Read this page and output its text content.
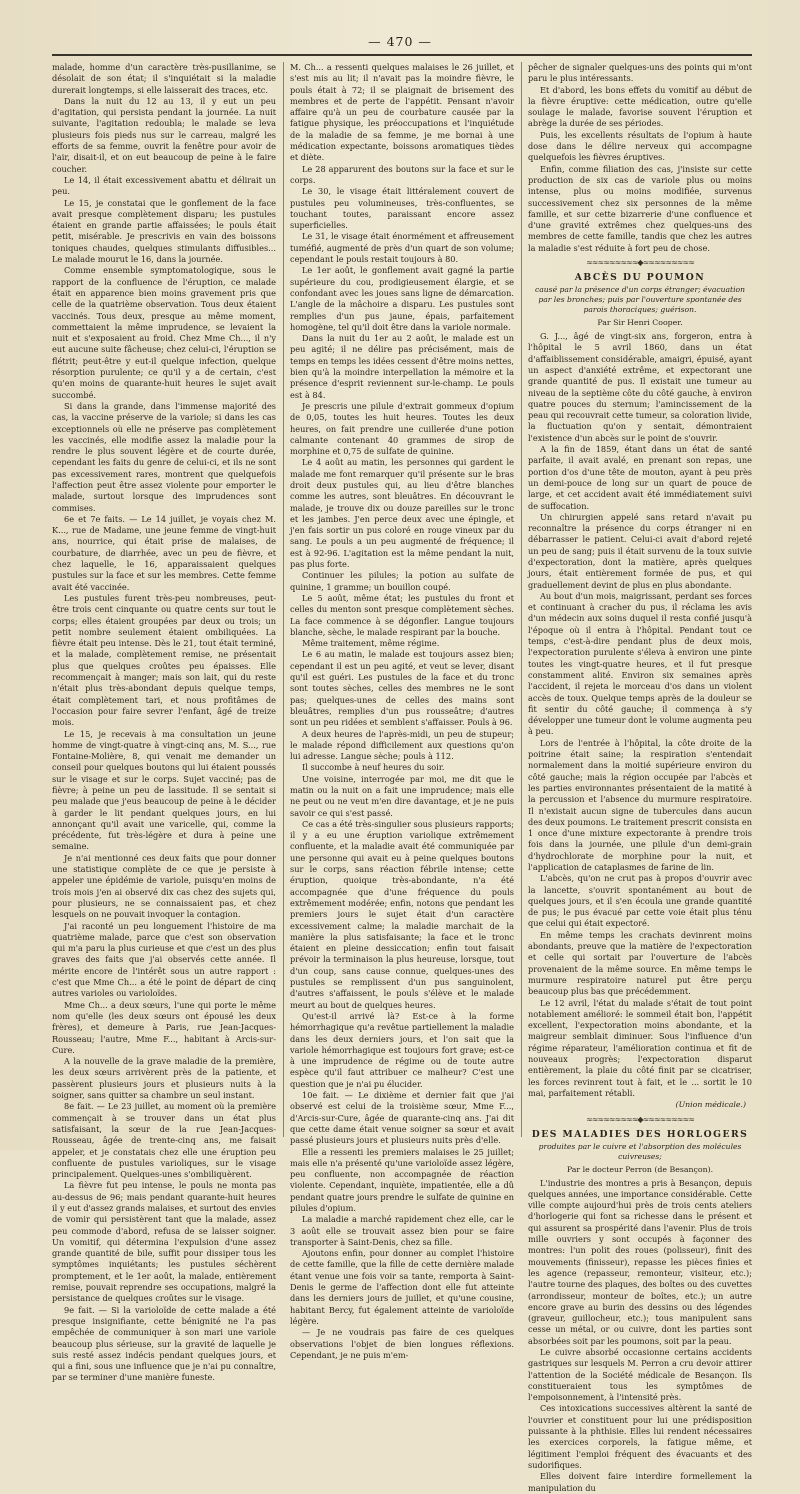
— 470 —

malade, homme d'un caractère très-pusillanime, se désolait de son état; il s'inquiétait si la maladie durerait longtemps, si elle laisserait des traces, etc.

Dans la nuit du 12 au 13, il y eut un peu d'agitation, qui persista pendant la journée. La nuit suivante, l'agitation redoubla; le malade se leva plusieurs fois pieds nus sur le carreau, malgré les efforts de sa femme, ouvrit la fenêtre pour avoir de l'air, disait-il, et on eut beaucoup de peine à le faire coucher.

Le 14, il était excessivement abattu et délirait un peu.

Le 15, je constatai que le gonflement de la face avait presque complètement disparu; les pustules étaient en grande partie affaissées; le pouls était petit, misérable. Je prescrivis en vain des boissons toniques chaudes, quelques stimulants diffusibles... Le malade mourut le 16, dans la journée.

Comme ensemble symptomatologique, sous le rapport de la confluence de l'éruption, ce malade était en apparence bien moins gravement pris que celle de la quatrième observation. Tous deux étaient vaccinés. Tous deux, presque au même moment, commettaient la même imprudence, se levaient la nuit et s'exposaient au froid. Chez Mme Ch..., il n'y eut aucune suite fâcheuse; chez celui-ci, l'éruption se flétrit; peut-être y eut-il quelque infection, quelque résorption purulente; ce qu'il y a de certain, c'est qu'en moins de quarante-huit heures le sujet avait succombé.

Si dans la grande, dans l'immense majorité des cas, la vaccine préserve de la variole; si dans les cas exceptionnels où elle ne préserve pas complètement les vaccinés, elle modifie assez la maladie pour la rendre le plus souvent légère et de courte durée, cependant les faits du genre de celui-ci, et ils ne sont pas excessivement rares, montrent que quelquefois l'affection peut être assez violente pour emporter le malade, surtout lorsque des imprudences sont commises.

6e et 7e faits. — Le 14 juillet, je voyais chez M. K..., rue de Madame, une jeune femme de vingt-huit ans, nourrice, qui était prise de malaises, de courbature, de diarrhée, avec un peu de fièvre, et chez laquelle, le 16, apparaissaient quelques pustules sur la face et sur les membres. Cette femme avait été vaccinée.

Les pustules furent très-peu nombreuses, peut-être trois cent cinquante ou quatre cents sur tout le corps; elles étaient groupées par deux ou trois; un petit nombre seulement étaient ombiliquées. La fièvre était peu intense. Dès le 21, tout était terminé, et la malade, complètement remise, ne présentait plus que quelques croûtes peu épaisses. Elle recommençait à manger; mais son lait, qui du reste n'était plus très-abondant depuis quelque temps, était complètement tari, et nous profitâmes de l'occasion pour faire sevrer l'enfant, âgé de treize mois.

Le 15, je recevais à ma consultation un jeune homme de vingt-quatre à vingt-cinq ans, M. S..., rue Fontaine-Molière, 8, qui venait me demander un conseil pour quelques boutons qui lui étaient poussés sur le visage et sur le corps. Sujet vacciné; pas de fièvre; à peine un peu de lassitude. Il se sentait si peu malade que j'eus beaucoup de peine à le décider à garder le lit pendant quelques jours, en lui annonçant qu'il avait une varicelle, qui, comme la précédente, fut très-légère et dura à peine une semaine.

Je n'ai mentionné ces deux faits que pour donner une statistique complète de ce que je persiste à appeler une épidémie de variole, puisqu'en moins de trois mois j'en ai observé dix cas chez des sujets qui, pour plusieurs, ne se connaissaient pas, et chez lesquels on ne pouvait invoquer la contagion.

J'ai raconté un peu longuement l'histoire de ma quatrième malade, parce que c'est son observation qui m'a paru la plus curieuse et que c'est un des plus graves des faits que j'ai observés cette année. Il mérite encore de l'intérêt sous un autre rapport : c'est que Mme Ch... a été le point de départ de cinq autres varioles ou varioloïdes.

Mme Ch... a deux sœurs, l'une qui porte le même nom qu'elle (les deux sœurs ont épousé les deux frères), et demeure à Paris, rue Jean-Jacques-Rousseau; l'autre, Mme F..., habitant à Arcis-sur-Cure.

A la nouvelle de la grave maladie de la première, les deux sœurs arrivèrent près de la patiente, et passèrent plusieurs jours et plusieurs nuits à la soigner, sans quitter sa chambre un seul instant.

8e fait. — Le 23 juillet, au moment où la première commençait à se trouver dans un état plus satisfaisant, la sœur de la rue Jean-Jacques-Rousseau, âgée de trente-cinq ans, me faisait appeler, et je constatais chez elle une éruption peu confluente de pustules varioliques, sur le visage principalement. Quelques-unes s'ombiliquèrent.

La fièvre fut peu intense, le pouls ne monta pas au-dessus de 96; mais pendant quarante-huit heures il y eut d'assez grands malaises, et surtout des envies de vomir qui persistèrent tant que la malade, assez peu commode d'abord, refusa de se laisser soigner. Un vomitif, qui détermina l'expulsion d'une assez grande quantité de bile, suffit pour dissiper tous les symptômes inquiétants; les pustules séchèrent promptement, et le 1er août, la malade, entièrement remise, pouvait reprendre ses occupations, malgré la persistance de quelques croûtes sur le visage.

9e fait. — Si la varioloïde de cette malade a été presque insignifiante, cette bénignité ne l'a pas empêchée de communiquer à son mari une variole beaucoup plus sérieuse, sur la gravité de laquelle je suis resté assez indécis pendant quelques jours, et qui a fini, sous une influence que je n'ai pu connaître, par se terminer d'une manière funeste.

M. Ch... a ressenti quelques malaises le 26 juillet, et s'est mis au lit; il n'avait pas la moindre fièvre, le pouls était à 72; il se plaignait de brisement des membres et de perte de l'appétit. Pensant n'avoir affaire qu'à un peu de courbature causée par la fatigue physique, les préoccupations et l'inquiétude de la maladie de sa femme, je me bornai à une médication expectante, boissons aromatiques tièdes et diète.

Le 28 apparurent des boutons sur la face et sur le corps.

Le 30, le visage était littéralement couvert de pustules peu volumineuses, très-confluentes, se touchant toutes, paraissant encore assez superficielles.

Le 31, le visage était énormément et affreusement tuméfié, augmenté de près d'un quart de son volume; cependant le pouls restait toujours à 80.

Le 1er août, le gonflement avait gagné la partie supérieure du cou, prodigieusement élargie, et se confondant avec les joues sans ligne de démarcation. L'angle de la mâchoire a disparu. Les pustules sont remplies d'un pus jaune, épais, parfaitement homogène, tel qu'il doit être dans la variole normale.

Dans la nuit du 1er au 2 août, le malade est un peu agité; il ne délire pas précisément, mais de temps en temps les idées cessent d'être moins nettes, bien qu'à la moindre interpellation la mémoire et la présence d'esprit reviennent sur-le-champ. Le pouls est à 84.

Je prescris une pilule d'extrait gommeux d'opium de 0,05, toutes les huit heures. Toutes les deux heures, on fait prendre une cuillerée d'une potion calmante contenant 40 grammes de sirop de morphine et 0,75 de sulfate de quinine.

Le 4 août au matin, les personnes qui gardent le malade me font remarquer qu'il présente sur le bras droit deux pustules qui, au lieu d'être blanches comme les autres, sont bleuâtres. En découvrant le malade, je trouve dix ou douze pareilles sur le tronc et les jambes. J'en perce deux avec une épingle, et j'en fais sortir un pus coloré en rouge vineux par du sang. Le pouls a un peu augmenté de fréquence; il est à 92-96. L'agitation est la même pendant la nuit, pas plus forte.

Continuer les pilules; la potion au sulfate de quinine, 1 gramme; un bouillon coupé.

Le 5 août, même état; les pustules du front et celles du menton sont presque complètement sèches. La face commence à se dégonfler. Langue toujours blanche, sèche, le malade respirant par la bouche.

Même traitement, même régime.

Le 6 au matin, le malade est toujours assez bien; cependant il est un peu agité, et veut se lever, disant qu'il est guéri. Les pustules de la face et du tronc sont toutes sèches, celles des membres ne le sont pas; quelques-unes de celles des mains sont bleuâtres, remplies d'un pus rousseâtre; d'autres sont un peu ridées et semblent s'affaisser. Pouls à 96.

A deux heures de l'après-midi, un peu de stupeur; le malade répond difficilement aux questions qu'on lui adresse. Langue sèche; pouls à 112.

Il succombe à neuf heures du soir.

Une voisine, interrogée par moi, me dit que le matin ou la nuit on a fait une imprudence; mais elle ne peut ou ne veut m'en dire davantage, et je ne puis savoir ce qui s'est passé.

Ce cas a été très-singulier sous plusieurs rapports; il y a eu une éruption variolique extrêmement confluente, et la maladie avait été communiquée par une personne qui avait eu à peine quelques boutons sur le corps, sans réaction fébrile intense; cette éruption, quoique très-abondante, n'a été accompagnée que d'une fréquence du pouls extrêmement modérée; enfin, notons que pendant les premiers jours le sujet était d'un caractère excessivement calme; la maladie marchait de la manière la plus satisfaisante; la face et le tronc étaient en pleine dessiccation; enfin tout faisait prévoir la terminaison la plus heureuse, lorsque, tout d'un coup, sans cause connue, quelques-unes des pustules se remplissent d'un pus sanguinolent, d'autres s'affaissent, le pouls s'élève et le malade meurt au bout de quelques heures.

Qu'est-il arrivé là? Est-ce à la forme hémorrhagique qu'a revêtue partiellement la maladie dans les deux derniers jours, et l'on sait que la variole hémorrhagique est toujours fort grave; est-ce à une imprudence de régime ou de toute autre espèce qu'il faut attribuer ce malheur? C'est une question que je n'ai pu élucider.

10e fait. — Le dixième et dernier fait que j'ai observé est celui de la troisième sœur, Mme F..., d'Arcis-sur-Cure, âgée de quarante-cinq ans. J'ai dit que cette dame était venue soigner sa sœur et avait passé plusieurs jours et plusieurs nuits près d'elle.

Elle a ressenti les premiers malaises le 25 juillet; mais elle n'a présenté qu'une varioloïde assez légère, peu confluente, non accompagnée de réaction violente. Cependant, inquiète, impatientée, elle a dû pendant quatre jours prendre le sulfate de quinine en pilules d'opium.

La maladie a marché rapidement chez elle, car le 3 août elle se trouvait assez bien pour se faire transporter à Saint-Denis, chez sa fille.

Ajoutons enfin, pour donner au complet l'histoire de cette famille, que la fille de cette dernière malade étant venue une fois voir sa tante, remporta à Saint-Denis le germe de l'affection dont elle fut atteinte dans les derniers jours de juillet, et qu'une cousine, habitant Bercy, fut également atteinte de varioloïde légère.

— Je ne voudrais pas faire de ces quelques observations l'objet de bien longues réflexions. Cependant, je ne puis m'em-

pêcher de signaler quelques-uns des points qui m'ont paru le plus intéressants.

Et d'abord, les bons effets du vomitif au début de la fièvre éruptive: cette médication, outre qu'elle soulage le malade, favorise souvent l'éruption et abrège la durée de ses périodes.

Puis, les excellents résultats de l'opium à haute dose dans le délire nerveux qui accompagne quelquefois les fièvres éruptives.

Enfin, comme filiation des cas, j'insiste sur cette production de six cas de variole plus ou moins intense, plus ou moins modifiée, survenus successivement chez six personnes de la même famille, et sur cette bizarrerie d'une confluence et d'une gravité extrêmes chez quelques-uns des membres de cette famille, tandis que chez les autres la maladie s'est réduite à fort peu de chose.

≈≈≈≈≈≈≈≈≈◆≈≈≈≈≈≈≈≈≈
ABCÈS DU POUMON
causé par la présence d'un corps étranger; évacuation par les bronches; puis par l'ouverture spontanée des parois thoraciques; guérison.
Par Sir Henri Cooper.

G. J..., âgé de vingt-six ans, forgeron, entra à l'hôpital le 5 avril 1860, dans un état d'affaiblissement considérable, amaigri, épuisé, ayant un aspect d'anxiété extrême, et expectorant une grande quantité de pus. Il existait une tumeur au niveau de la septième côte du côté gauche, à environ quatre pouces du sternum; l'amincissement de la peau qui recouvrait cette tumeur, sa coloration livide, la fluctuation qu'on y sentait, démontraient l'existence d'un abcès sur le point de s'ouvrir.

A la fin de 1859, étant dans un état de santé parfaite, il avait avalé, en prenant son repas, une portion d'os d'une tête de mouton, ayant à peu près un demi-pouce de long sur un quart de pouce de large, et cet accident avait été immédiatement suivi de suffocation.

Un chirurgien appelé sans retard n'avait pu reconnaître la présence du corps étranger ni en débarrasser le patient. Celui-ci avait d'abord rejeté un peu de sang; puis il était survenu de la toux suivie d'expectoration, dont la matière, après quelques jours, était entièrement formée de pus, et qui graduellement devint de plus en plus abondante.

Au bout d'un mois, maigrissant, perdant ses forces et continuant à cracher du pus, il réclama les avis d'un médecin aux soins duquel il resta confié jusqu'à l'époque où il entra à l'hôpital. Pendant tout ce temps, c'est-à-dire pendant plus de deux mois, l'expectoration purulente s'éleva à environ une pinte toutes les vingt-quatre heures, et il fut presque constamment alité. Environ six semaines après l'accident, il rejeta le morceau d'os dans un violent accès de toux. Quelque temps après de la douleur se fit sentir du côté gauche; il commença à s'y développer une tumeur dont le volume augmenta peu à peu.

Lors de l'entrée à l'hôpital, la côte droite de la poitrine était saine; la respiration s'entendait normalement dans la moitié supérieure environ du côté gauche; mais la région occupée par l'abcès et les parties environnantes présentaient de la matité à la percussion et l'absence du murmure respiratoire. Il n'existait aucun signe de tubercules dans aucun des deux poumons. Le traitement prescrit consista en 1 once d'une mixture expectorante à prendre trois fois dans la journée, une pilule d'un demi-grain d'hydrochlorate de morphine pour la nuit, et l'application de cataplasmes de farine de lin.

L'abcès, qu'on ne crut pas à propos d'ouvrir avec la lancette, s'ouvrit spontanément au bout de quelques jours, et il s'en écoula une grande quantité de pus; le pus évacué par cette voie était plus ténu que celui qui était expectoré.

En même temps les crachats devinrent moins abondants, preuve que la matière de l'expectoration et celle qui sortait par l'ouverture de l'abcès provenaient de la même source. En même temps le murmure respiratoire naturel put être perçu beaucoup plus bas que précédemment.

Le 12 avril, l'état du malade s'était de tout point notablement amélioré: le sommeil était bon, l'appétit excellent, l'expectoration moins abondante, et la maigreur semblait diminuer. Sous l'influence d'un régime réparateur, l'amélioration continua et fit de nouveaux progrès; l'expectoration disparut entièrement, la plaie du côté finit par se cicatriser, les forces revinrent tout à fait, et le ... sortit le 10 mai, parfaitement rétabli.

(Union médicale.)
≈≈≈≈≈≈≈≈≈◆≈≈≈≈≈≈≈≈≈
DES MALADIES DES HORLOGERS
produites par le cuivre et l'absorption des molécules cuivreuses;
Par le docteur Perron (de Besançon).

L'industrie des montres a pris à Besançon, depuis quelques années, une importance considérable. Cette ville compte aujourd'hui près de trois cents ateliers d'horlogerie qui font sa richesse dans le présent et qui assurent sa prospérité dans l'avenir. Plus de trois mille ouvriers y sont occupés à façonner des montres: l'un polit des roues (polisseur), finit des mouvements (finisseur), repasse les pièces finies et les agence (repasseur, remonteur, visiteur, etc.); l'autre tourne des plaques, des boîtes ou des cuvettes (arrondisseur, monteur de boîtes, etc.); un autre encore grave au burin des dessins ou des légendes (graveur, guillocheur, etc.); tous manipulent sans cesse un métal, or ou cuivre, dont les parties sont absorbées soit par les poumons, soit par la peau.

Le cuivre absorbé occasionne certains accidents gastriques sur lesquels M. Perron a cru devoir attirer l'attention de la Société médicale de Besançon. Ils constitueraient tous les symptômes de l'empoisonnement, à l'intensité près.

Ces intoxications successives altèrent la santé de l'ouvrier et constituent pour lui une prédisposition puissante à la phthisie. Elles lui rendent nécessaires les exercices corporels, la fatigue même, et légitiment l'emploi fréquent des évacuants et des sudorifiques.

Elles doivent faire interdire formellement la manipulation du
